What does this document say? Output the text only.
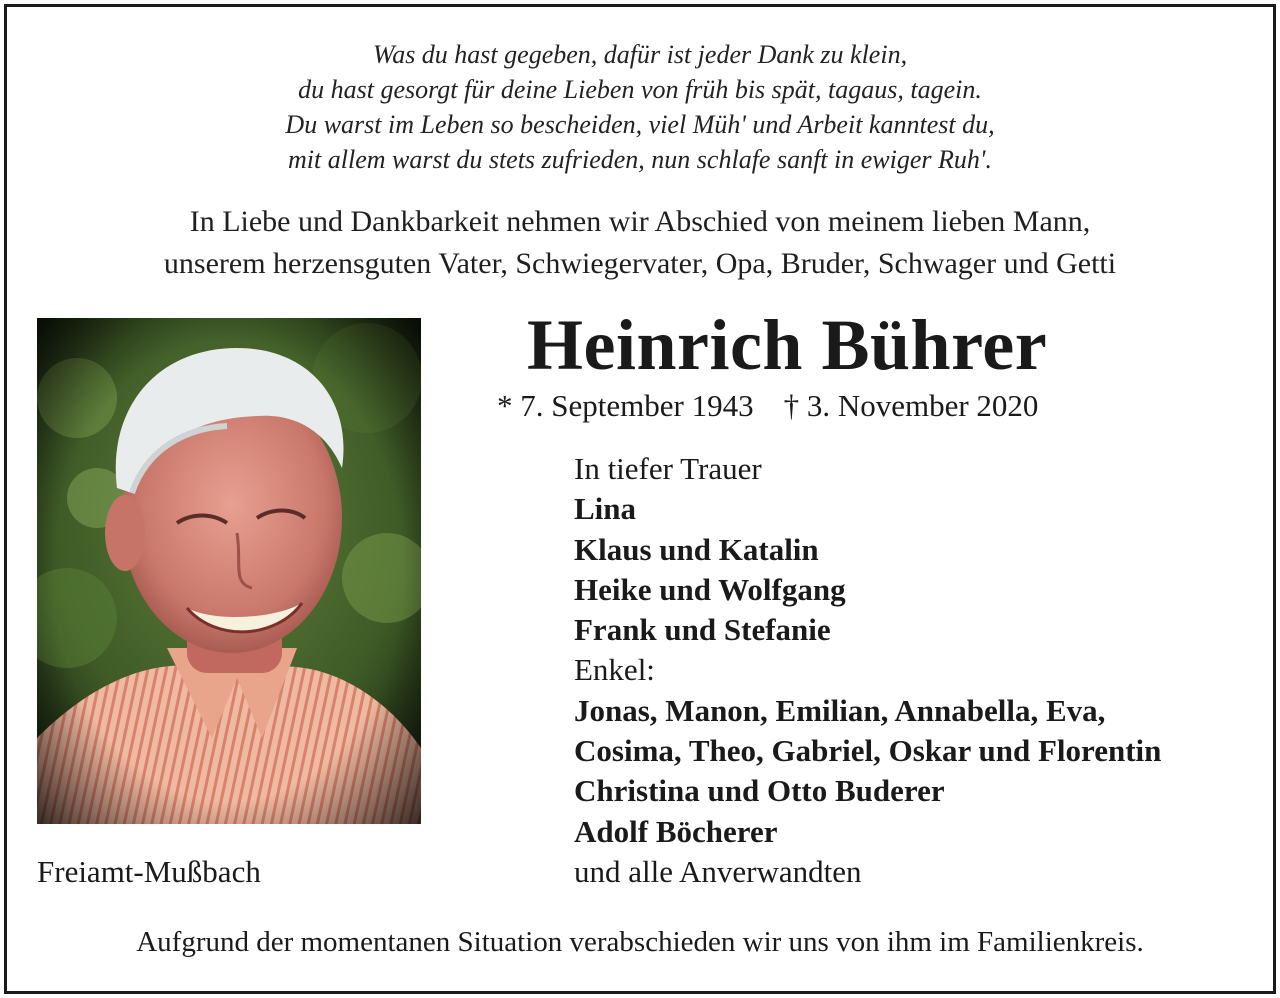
Was du hast gegeben, dafür ist jeder Dank zu klein,
du hast gesorgt für deine Lieben von früh bis spät, tagaus, tagein.
Du warst im Leben so bescheiden, viel Müh' und Arbeit kanntest du,
mit allem warst du stets zufrieden, nun schlafe sanft in ewiger Ruh'.
In Liebe und Dankbarkeit nehmen wir Abschied von meinem lieben Mann,
unserem herzensguten Vater, Schwiegervater, Opa, Bruder, Schwager und Getti
Freiamt-Mußbach
Heinrich Bührer
* 7. September 1943 † 3. November 2020
In tiefer Trauer
Lina
Klaus und Katalin
Heike und Wolfgang
Frank und Stefanie
Enkel:
Jonas, Manon, Emilian, Annabella, Eva,
Cosima, Theo, Gabriel, Oskar und Florentin
Christina und Otto Buderer
Adolf Böcherer
und alle Anverwandten
Aufgrund der momentanen Situation verabschieden wir uns von ihm im Familienkreis.
